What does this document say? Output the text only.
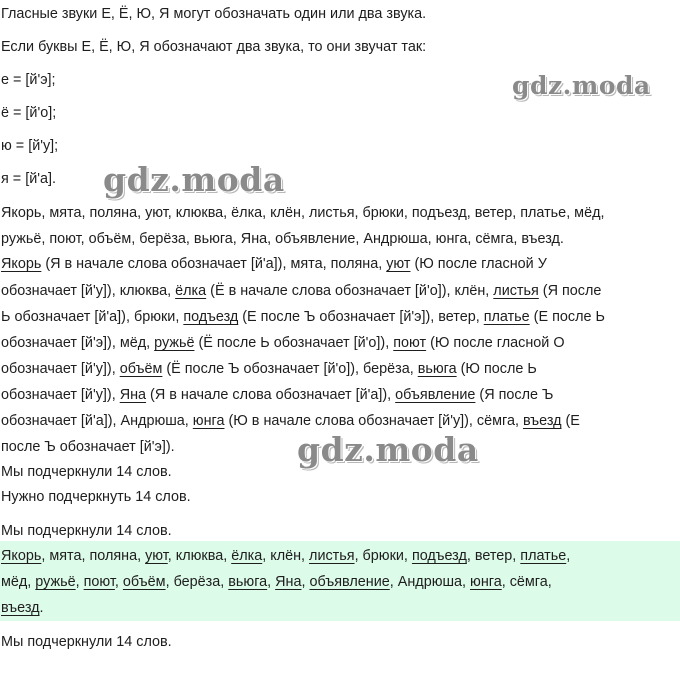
Гласные звуки Е, Ё, Ю, Я могут обозначать один или два звука.
Если буквы Е, Ё, Ю, Я обозначают два звука, то они звучат так:
е = [й'э];
ё = [й'о];
ю = [й'у];
я = [й'а].
Якорь, мята, поляна, уют, клюква, ёлка, клён, листья, брюки, подъезд, ветер, платье, мёд,
ружьё, поют, объём, берёза, вьюга, Яна, объявление, Андрюша, юнга, сёмга, въезд.
Якорь (Я в начале слова обозначает [й'а]), мята, поляна, уют (Ю после гласной У
обозначает [й'у]), клюква, ёлка (Ё в начале слова обозначает [й'о]), клён, листья (Я после
Ь обозначает [й'а]), брюки, подъезд (Е после Ъ обозначает [й'э]), ветер, платье (Е после Ь
обозначает [й'э]), мёд, ружьё (Ё после Ь обозначает [й'о]), поют (Ю после гласной О
обозначает [й'у]), объём (Ё после Ъ обозначает [й'о]), берёза, вьюга (Ю после Ь
обозначает [й'у]), Яна (Я в начале слова обозначает [й'а]), объявление (Я после Ъ
обозначает [й'а]), Андрюша, юнга (Ю в начале слова обозначает [й'у]), сёмга, въезд (Е
после Ъ обозначает [й'э]).
Мы подчеркнули 14 слов.
Нужно подчеркнуть 14 слов.
Мы подчеркнули 14 слов.
Якорь, мята, поляна, уют, клюква, ёлка, клён, листья, брюки, подъезд, ветер, платье,
мёд, ружьё, поют, объём, берёза, вьюга, Яна, объявление, Андрюша, юнга, сёмга,
въезд.
Мы подчеркнули 14 слов.
gdz.moda
gdz.moda
gdz.moda
